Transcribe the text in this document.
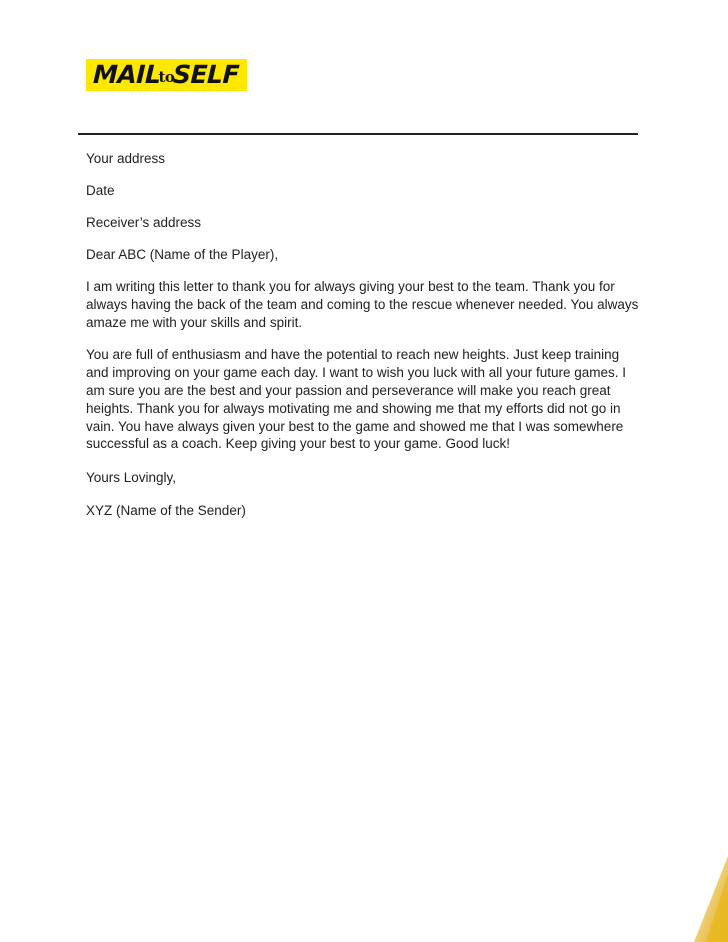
MAILtoSELF

Your address

Date

Receiver’s address

Dear ABC (Name of the Player),

I am writing this letter to thank you for always giving your best to the team. Thank you for always having the back of the team and coming to the rescue whenever needed. You always amaze me with your skills and spirit.

You are full of enthusiasm and have the potential to reach new heights. Just keep training and improving on your game each day. I want to wish you luck with all your future games. I am sure you are the best and your passion and perseverance will make you reach great heights. Thank you for always motivating me and showing me that my efforts did not go in vain. You have always given your best to the game and showed me that I was somewhere successful as a coach. Keep giving your best to your game. Good luck!

Yours Lovingly,

XYZ (Name of the Sender)
